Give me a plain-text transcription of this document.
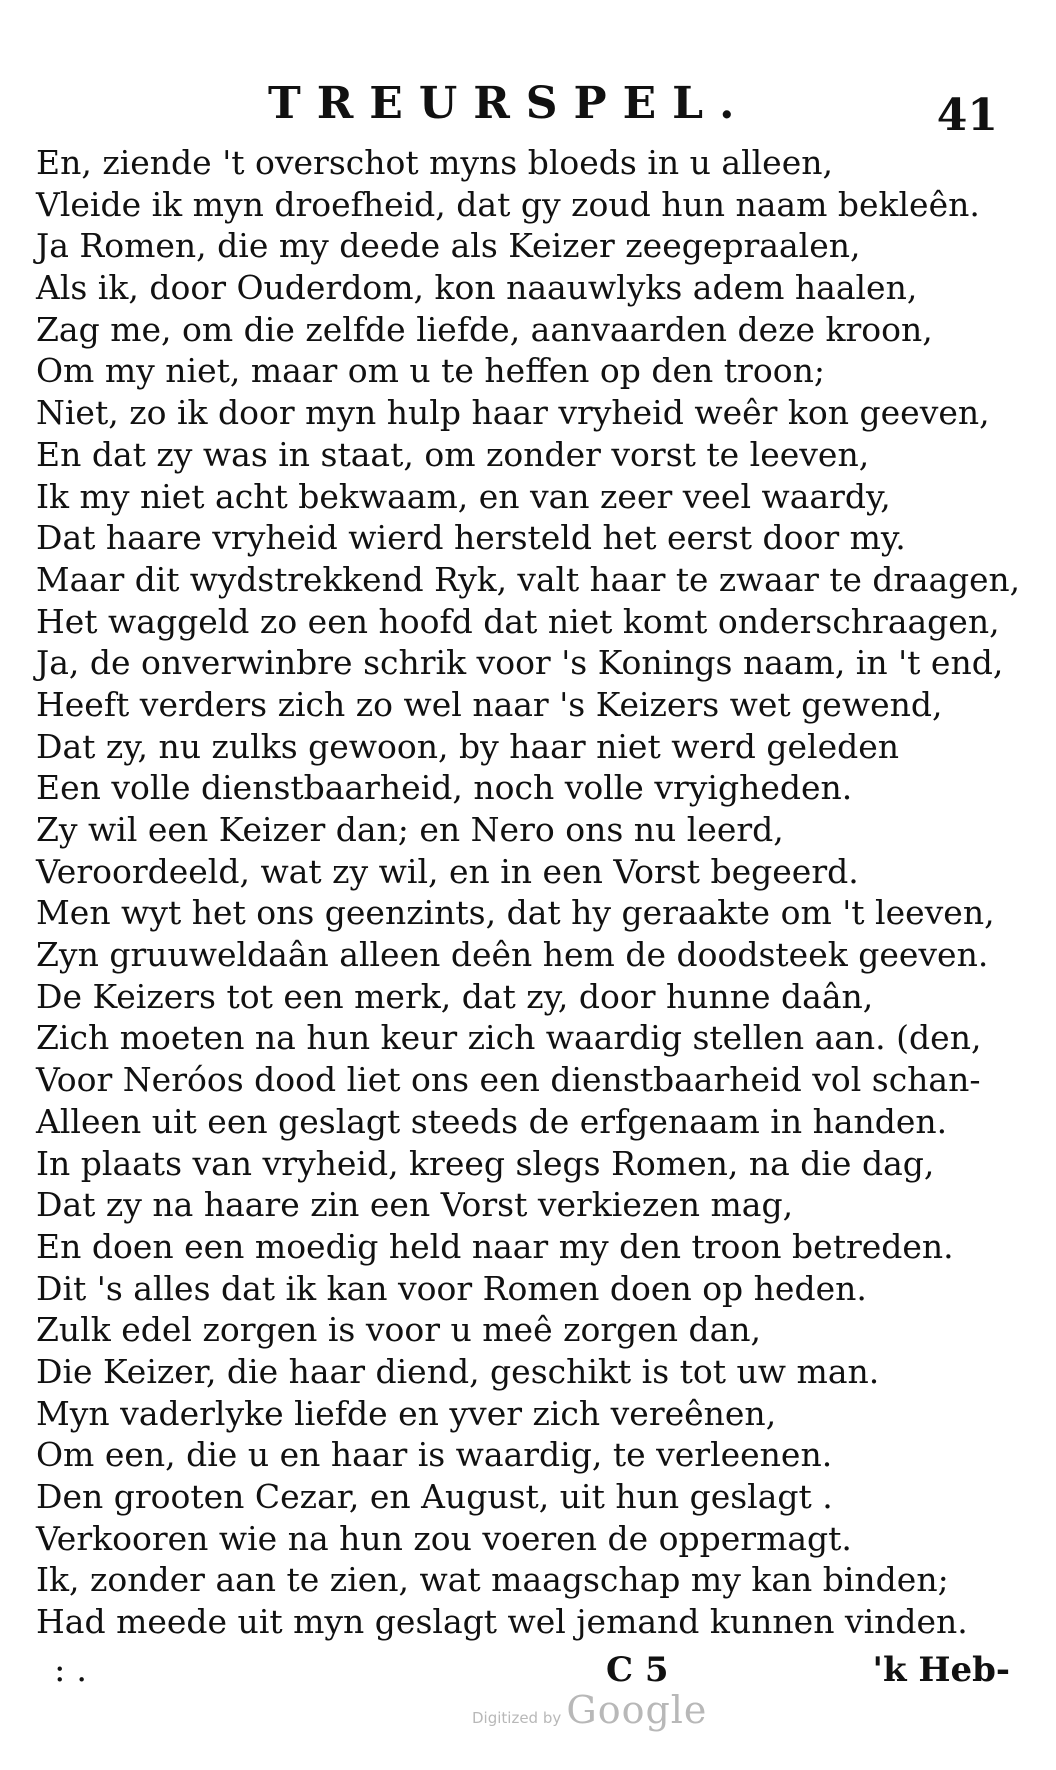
TREURSPEL.	41
En, ziende 't overschot myns bloeds in u alleen,
Vleide ik myn droefheid, dat gy zoud hun naam bekleên.
Ja Romen, die my deede als Keizer zeegepraalen,
Als ik, door Ouderdom, kon naauwlyks adem haalen,
Zag me, om die zelfde liefde, aanvaarden deze kroon,
Om my niet, maar om u te heffen op den troon;
Niet, zo ik door myn hulp haar vryheid weêr kon geeven,
En dat zy was in staat, om zonder vorst te leeven,
Ik my niet acht bekwaam, en van zeer veel waardy,
Dat haare vryheid wierd hersteld het eerst door my.
Maar dit wydstrekkend Ryk, valt haar te zwaar te draagen,
Het waggeld zo een hoofd dat niet komt onderschraagen,
Ja, de onverwinbre schrik voor 's Konings naam, in 't end,
Heeft verders zich zo wel naar 's Keizers wet gewend,
Dat zy, nu zulks gewoon, by haar niet werd geleden
Een volle dienstbaarheid, noch volle vryigheden.
Zy wil een Keizer dan; en Nero ons nu leerd,
Veroordeeld, wat zy wil, en in een Vorst begeerd.
Men wyt het ons geenzints, dat hy geraakte om 't leeven,
Zyn gruuweldaân alleen deên hem de doodsteek geeven.
De Keizers tot een merk, dat zy, door hunne daân,
Zich moeten na hun keur zich waardig stellen aan. (den,
Voor Neróos dood liet ons een dienstbaarheid vol schan-
Alleen uit een geslagt steeds de erfgenaam in handen.
In plaats van vryheid, kreeg slegs Romen, na die dag,
Dat zy na haare zin een Vorst verkiezen mag,
En doen een moedig held naar my den troon betreden.
Dit 's alles dat ik kan voor Romen doen op heden.
Zulk edel zorgen is voor u meê zorgen dan,
Die Keizer, die haar diend, geschikt is tot uw man.
Myn vaderlyke liefde en yver zich vereênen,
Om een, die u en haar is waardig, te verleenen.
Den grooten Cezar, en August, uit hun geslagt .
Verkooren wie na hun zou voeren de oppermagt.
Ik, zonder aan te zien, wat maagschap my kan binden;
Had meede uit myn geslagt wel jemand kunnen vinden.
: .	C 5	'k Heb-
Digitized by Google
